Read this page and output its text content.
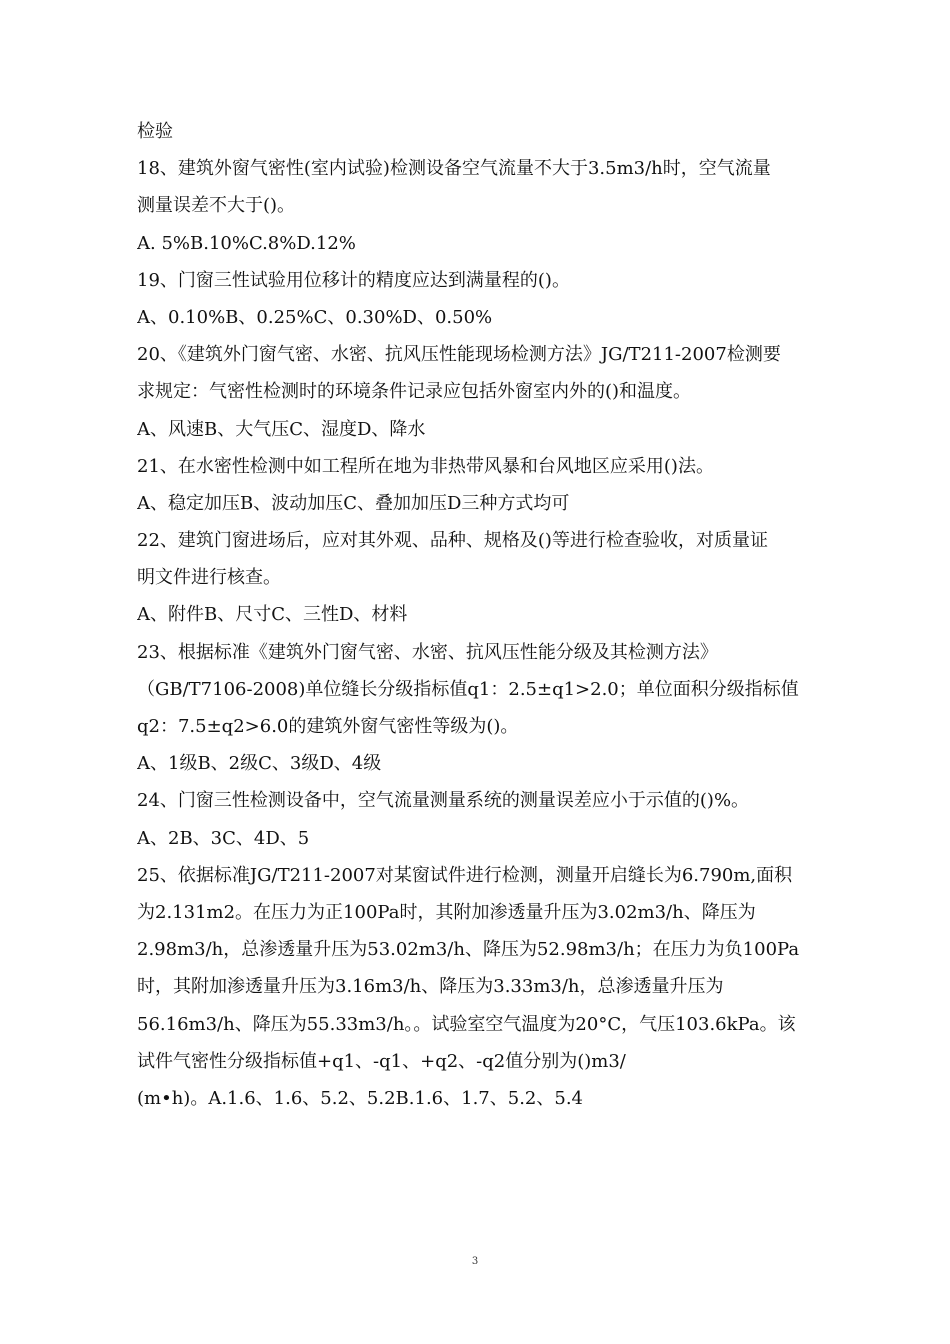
检验
18、建筑外窗气密性(室内试验)检测设备空气流量不大于3.5m3/h时，空气流量
测量误差不大于()。
A. 5%B.10%C.8%D.12%
19、门窗三性试验用位移计的精度应达到满量程的()。
A、0.10%B、0.25%C、0.30%D、0.50%
20、《建筑外门窗气密、水密、抗风压性能现场检测方法》JG/T211-2007检测要
求规定：气密性检测时的环境条件记录应包括外窗室内外的()和温度。
A、风速B、大气压C、湿度D、降水
21、在水密性检测中如工程所在地为非热带风暴和台风地区应采用()法。
A、稳定加压B、波动加压C、叠加加压D三种方式均可
22、建筑门窗进场后，应对其外观、品种、规格及()等进行检查验收，对质量证
明文件进行核查。
A、附件B、尺寸C、三性D、材料
23、根据标准《建筑外门窗气密、水密、抗风压性能分级及其检测方法》
（GB/T7106-2008)单位缝长分级指标值q1：2.5±q1>2.0；单位面积分级指标值
q2：7.5±q2>6.0的建筑外窗气密性等级为()。
A、1级B、2级C、3级D、4级
24、门窗三性检测设备中，空气流量测量系统的测量误差应小于示值的()%。
A、2B、3C、4D、5
25、依据标准JG/T211-2007对某窗试件进行检测，测量开启缝长为6.790m,面积
为2.131m2。在压力为正100Pa时，其附加渗透量升压为3.02m3/h、降压为
2.98m3/h，总渗透量升压为53.02m3/h、降压为52.98m3/h；在压力为负100Pa
时，其附加渗透量升压为3.16m3/h、降压为3.33m3/h，总渗透量升压为
56.16m3/h、降压为55.33m3/h。。试验室空气温度为20°C，气压103.6kPa。该
试件气密性分级指标值+q1、-q1、+q2、-q2值分别为()m3/
(m•h)。A.1.6、1.6、5.2、5.2B.1.6、1.7、5.2、5.4
3
